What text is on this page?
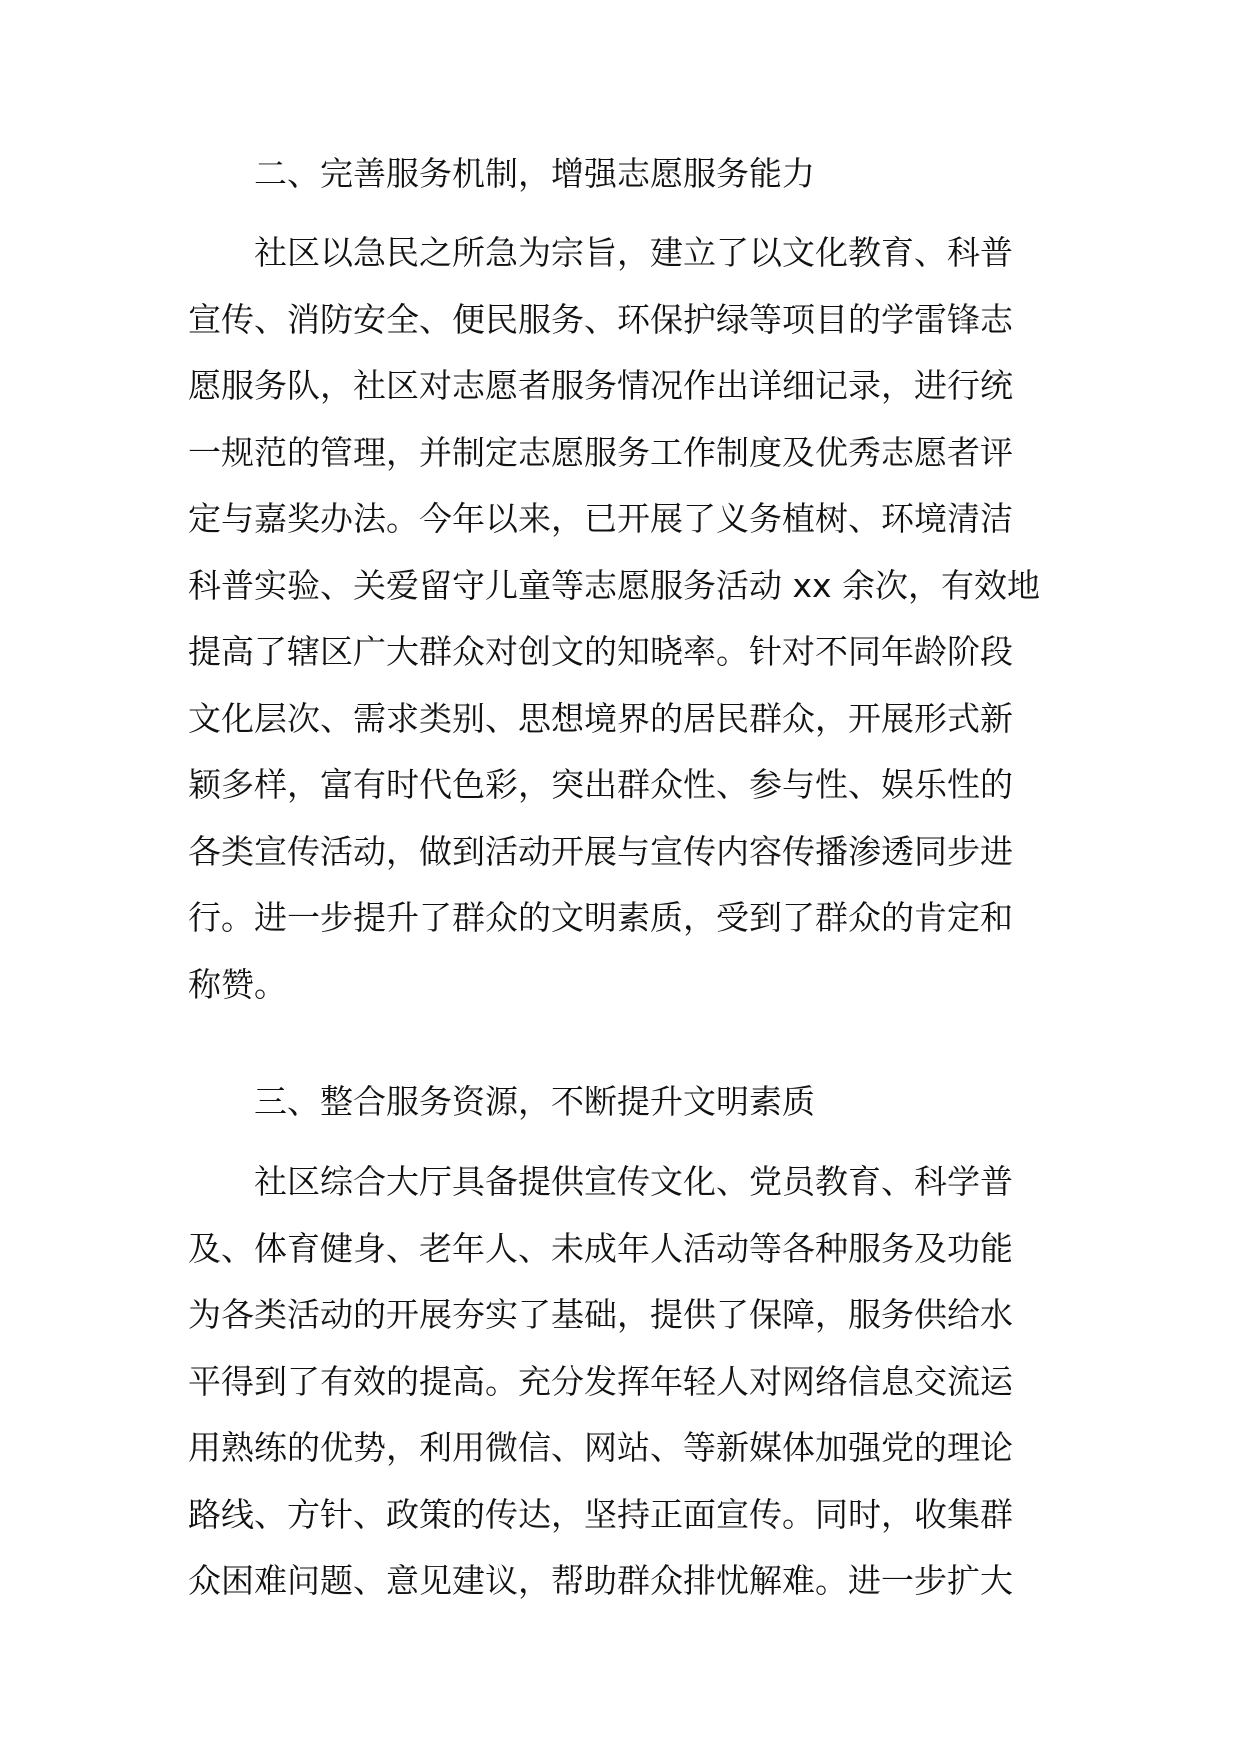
二、完善服务机制，增强志愿服务能力
社区以急民之所急为宗旨，建立了以文化教育、科普
宣传、消防安全、便民服务、环保护绿等项目的学雷锋志
愿服务队，社区对志愿者服务情况作出详细记录，进行统
一规范的管理，并制定志愿服务工作制度及优秀志愿者评
定与嘉奖办法。今年以来，已开展了义务植树、环境清洁
科普实验、关爱留守儿童等志愿服务活动 xx 余次，有效地
提高了辖区广大群众对创文的知晓率。针对不同年龄阶段
文化层次、需求类别、思想境界的居民群众，开展形式新
颖多样，富有时代色彩，突出群众性、参与性、娱乐性的
各类宣传活动，做到活动开展与宣传内容传播渗透同步进
行。进一步提升了群众的文明素质，受到了群众的肯定和
称赞。
三、整合服务资源，不断提升文明素质
社区综合大厅具备提供宣传文化、党员教育、科学普
及、体育健身、老年人、未成年人活动等各种服务及功能
为各类活动的开展夯实了基础，提供了保障，服务供给水
平得到了有效的提高。充分发挥年轻人对网络信息交流运
用熟练的优势，利用微信、网站、等新媒体加强党的理论
路线、方针、政策的传达，坚持正面宣传。同时，收集群
众困难问题、意见建议，帮助群众排忧解难。进一步扩大
